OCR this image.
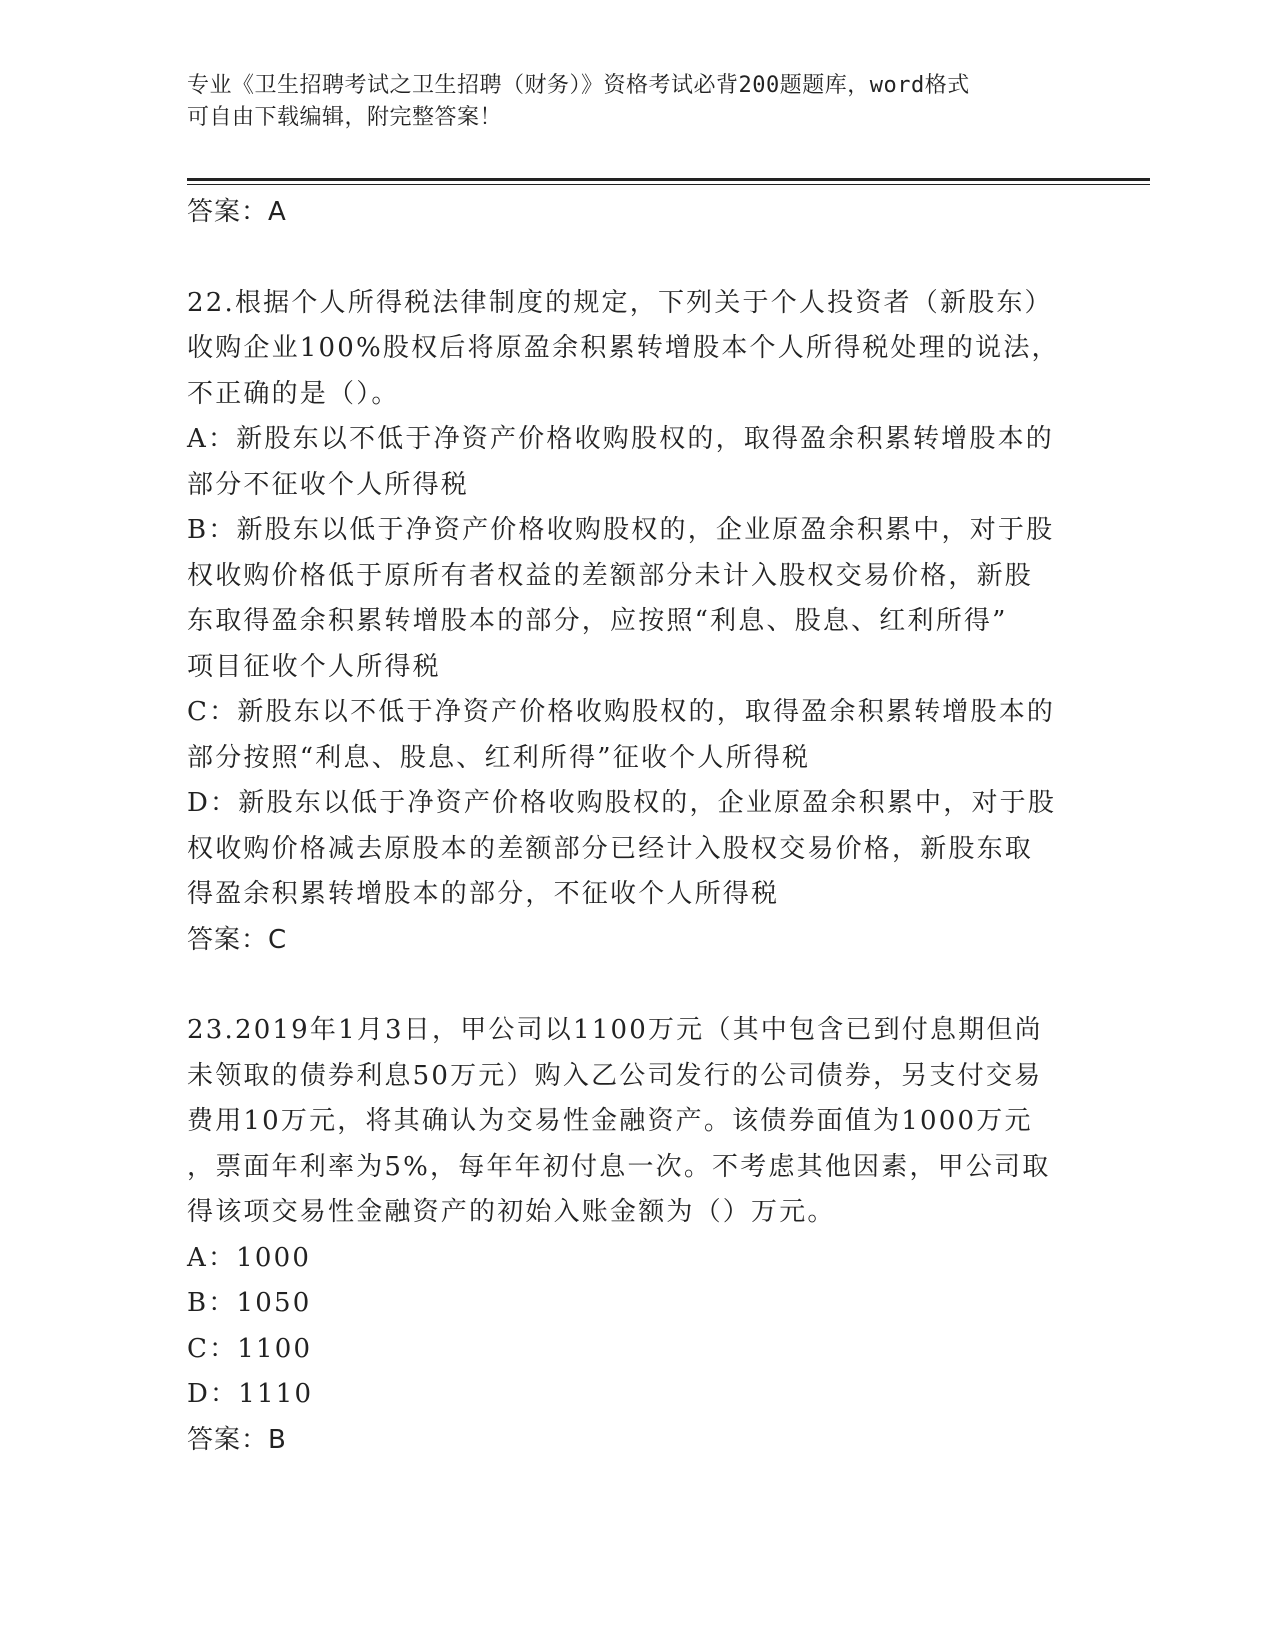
专业《卫生招聘考试之卫生招聘（财务）》资格考试必背200题题库，word格式
可自由下载编辑，附完整答案！
答案：A
22.根据个人所得税法律制度的规定，下列关于个人投资者（新股东）
收购企业100%股权后将原盈余积累转增股本个人所得税处理的说法，
不正确的是（）。
A：新股东以不低于净资产价格收购股权的，取得盈余积累转增股本的
部分不征收个人所得税
B：新股东以低于净资产价格收购股权的，企业原盈余积累中，对于股
权收购价格低于原所有者权益的差额部分未计入股权交易价格，新股
东取得盈余积累转增股本的部分，应按照“利息、股息、红利所得”
项目征收个人所得税
C：新股东以不低于净资产价格收购股权的，取得盈余积累转增股本的
部分按照“利息、股息、红利所得”征收个人所得税
D：新股东以低于净资产价格收购股权的，企业原盈余积累中，对于股
权收购价格减去原股本的差额部分已经计入股权交易价格，新股东取
得盈余积累转增股本的部分，不征收个人所得税
答案：C
23.2019年1月3日，甲公司以1100万元（其中包含已到付息期但尚
未领取的债券利息50万元）购入乙公司发行的公司债券，另支付交易
费用10万元，将其确认为交易性金融资产。该债券面值为1000万元
，票面年利率为5%，每年年初付息一次。不考虑其他因素，甲公司取
得该项交易性金融资产的初始入账金额为（）万元。
A：1000
B：1050
C：1100
D：1110
答案：B
